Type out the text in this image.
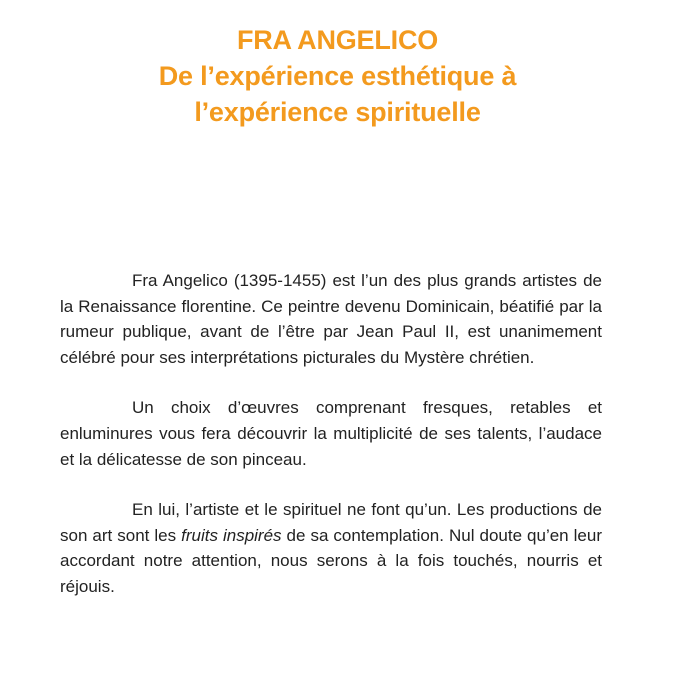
FRA ANGELICO
De l’expérience esthétique à
l’expérience spirituelle

Fra Angelico (1395-1455) est l’un des plus grands artistes de la Renaissance florentine. Ce peintre devenu Dominicain, béatifié par la rumeur publique, avant de l’être par Jean Paul II, est unanimement célébré pour ses interprétations picturales du Mystère chrétien.

Un choix d’œuvres comprenant fresques, retables et enluminures vous fera découvrir la multiplicité de ses talents, l’audace et la délicatesse de son pinceau.

En lui, l’artiste et le spirituel ne font qu’un. Les productions de son art sont les fruits inspirés de sa contemplation. Nul doute qu’en leur accordant notre attention, nous serons à la fois touchés, nourris et réjouis.
